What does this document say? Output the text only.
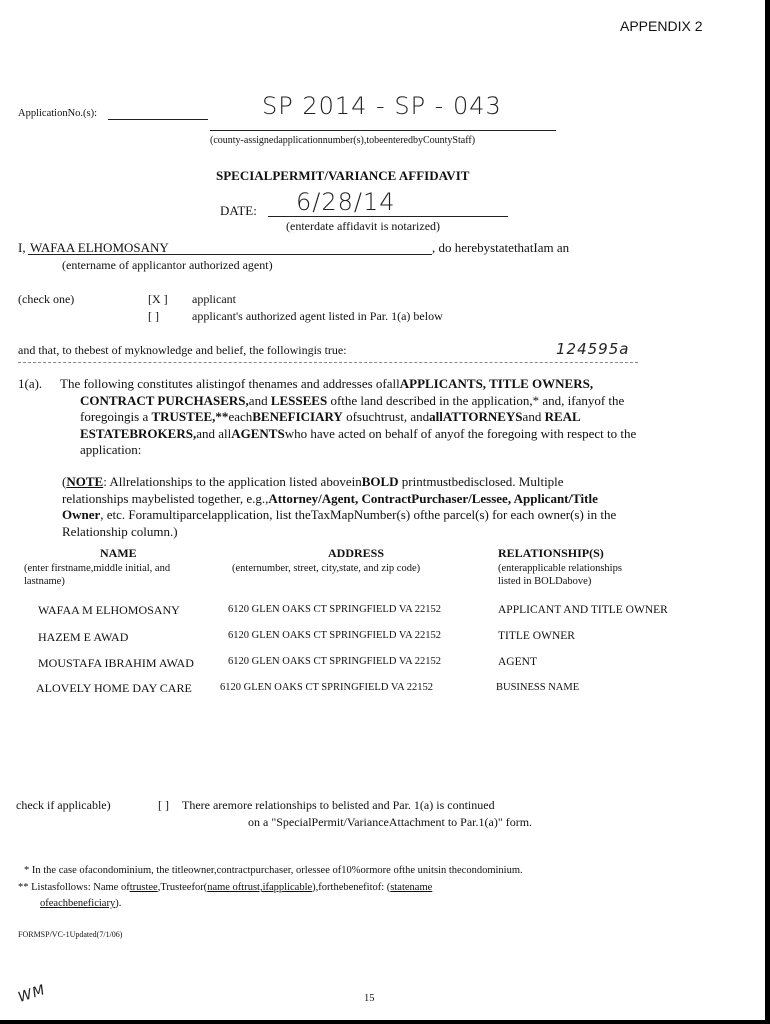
APPENDIX 2
ApplicationNo.(s):	SP 2014 - SP - 043
(county-assignedapplicationnumber(s),tobeenteredbyCountyStaff)
SPECIALPERMIT/VARIANCE AFFIDAVIT
DATE: 6/28/14
(enterdate affidavit is notarized)
I, WAFAA ELHOMOSANY	, do herebystatethatIam an
(entername of applicantor authorized agent)
(check one)	[X ] applicant
[ ]	applicant's authorized agent listed in Par. 1(a) below
and that, to thebest of myknowledge and belief, the followingis true:	124595a
1(a). The following constitutes alistingof thenames and addresses ofallAPPLICANTS, TITLE OWNERS,
CONTRACT PURCHASERS,and LESSEES ofthe land described in the application,* and, ifanyof the
foregoingis a TRUSTEE,**eachBENEFICIARY ofsuchtrust, andallATTORNEYSand REAL
ESTATEBROKERS,and allAGENTSwho have acted on behalf of anyof the foregoing with respect to the
application:
(NOTE: Allrelationships to the application listed aboveinBOLD printmustbedisclosed. Multiple
relationships maybelisted together, e.g.,Attorney/Agent, ContractPurchaser/Lessee, Applicant/Title
Owner, etc. Foramultiparcelapplication, list theTaxMapNumber(s) ofthe parcel(s) for each owner(s) in the
Relationship column.)
NAME
(enter firstname,middle initial, and
lastname)
ADDRESS
(enternumber, street, city,state, and zip code)
RELATIONSHIP(S)
(enterapplicable relationships
listed in BOLDabove)
WAFAA M ELHOMOSANY	6120 GLEN OAKS CT SPRINGFIELD VA 22152	APPLICANT AND TITLE OWNER
HAZEM E AWAD	6120 GLEN OAKS CT SPRINGFIELD VA 22152	TITLE OWNER
MOUSTAFA IBRAHIM AWAD	6120 GLEN OAKS CT SPRINGFIELD VA 22152	AGENT
ALOVELY HOME DAY CARE	6120 GLEN OAKS CT SPRINGFIELD VA 22152	BUSINESS NAME
check if applicable)	[ ] There aremore relationships to belisted and Par. 1(a) is continued
on a "SpecialPermit/VarianceAttachment to Par.1(a)" form.
* In the case ofacondominium, the titleowner,contractpurchaser, orlessee of10%ormore ofthe unitsin thecondominium.
** Listasfollows: Name oftrustee,Trusteefor(name oftrust,ifapplicable),forthebenefitof: (statename
ofeachbeneficiary).
FORMSP/VC-1Updated(7/1/06)
WM	15
